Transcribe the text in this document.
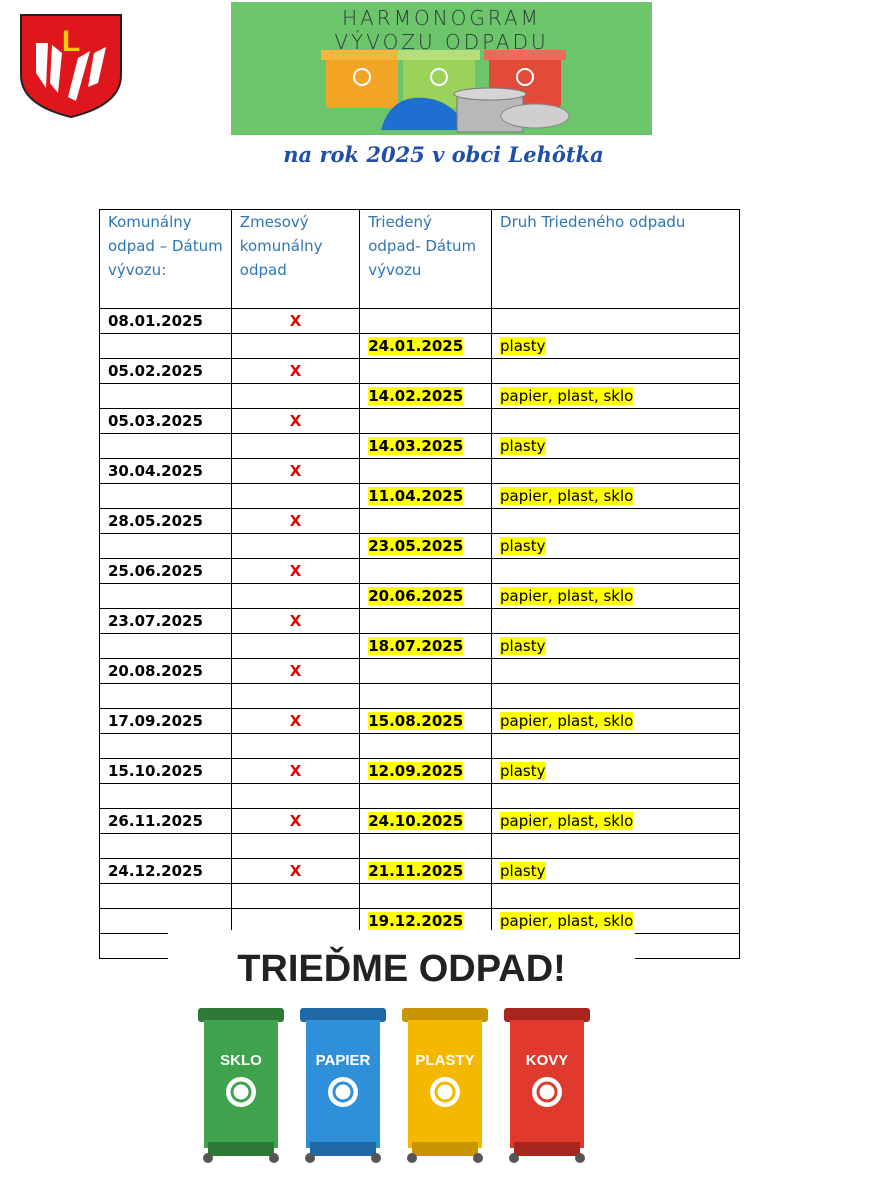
L
HARMONOGRAM
VÝVOZU ODPADU
na rok 2025 v obci Lehôtka
Komunálny odpad – Dátum vývozu:	Zmesový komunálny odpad	Triedený odpad- Dátum vývozu	Druh Triedeného odpadu
08.01.2025	X		
		24.01.2025	plasty
05.02.2025	X		
		14.02.2025	papier, plast, sklo
05.03.2025	X		
		14.03.2025	plasty
30.04.2025	X		
		11.04.2025	papier, plast, sklo
28.05.2025	X		
		23.05.2025	plasty
25.06.2025	X		
		20.06.2025	papier, plast, sklo
23.07.2025	X		
		18.07.2025	plasty
20.08.2025	X		

17.09.2025	X	15.08.2025	papier, plast, sklo

15.10.2025	X	12.09.2025	plasty

26.11.2025	X	24.10.2025	papier, plast, sklo

24.12.2025	X	21.11.2025	plasty

		19.12.2025	papier, plast, sklo

TRIEĎME ODPAD!
SKLO	PAPIER	PLASTY	KOVY
